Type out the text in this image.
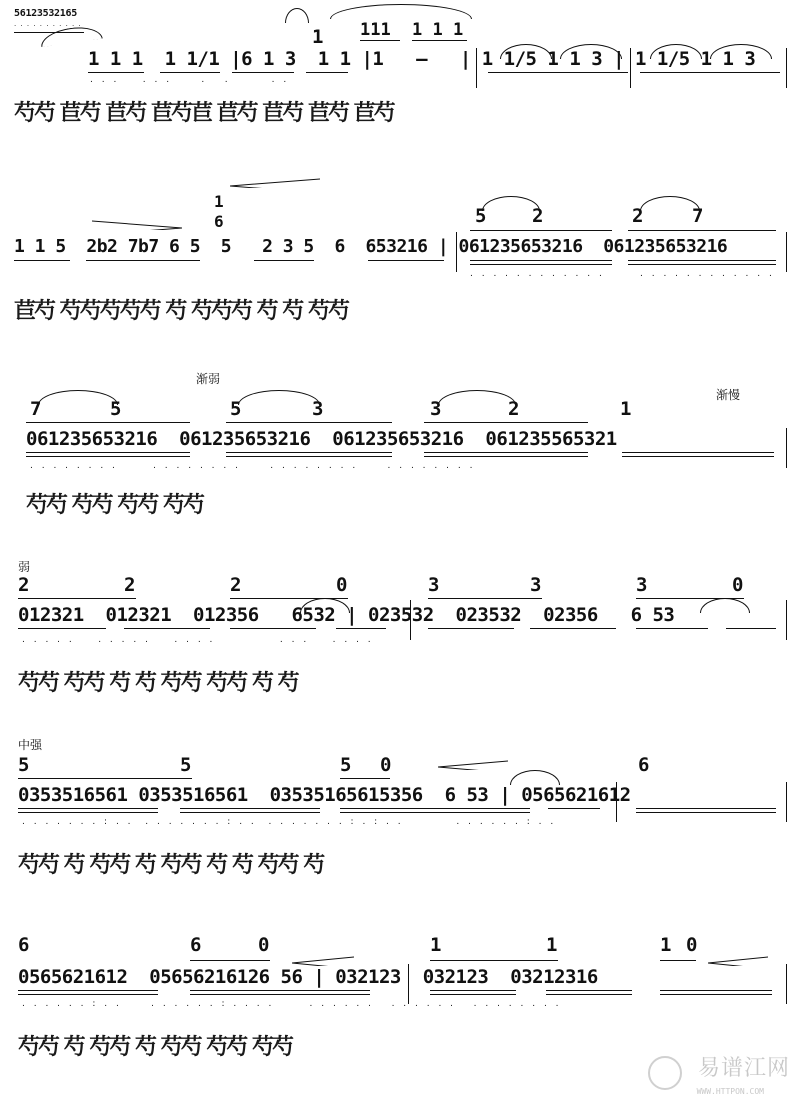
56123532165
. . . . . . . . . . .
1 111 1 1 1
1 1 1  1 1/1 |6 1 3  1 1 |1   —   | 1 1/5 1 1 3 | 1 1/5 1 1 3
. . .    . . .     .   .       . .
芍芍 苣芍 苣芍 苣芍苣 苣芍 苣芍 苣芍 苣芍
1
6	5 2	2	7
1 1 5  2b2 7b7 6 5  5   2 3 5  6  653216 | 061235653216  061235653216
. . . . . . . . . . . .	. . . . . . . . . . . .
苣芍 芍芍芍芍芍 芍 芍芍芍 芍 芍 芍芍
渐弱
渐慢
7	5	5	3	3	2	1
061235653216  061235653216  061235653216  061235565321
. . . . . . . .      . . . . . . . .     . . . . . . . .     . . . . . . . .
芍芍 芍芍 芍芍 芍芍
弱
2	2	2	0	3	3	3	0
012321  012321  012356   6532 | 023532  023532  02356   6 53
. . . . .    . . . . .    . . . .           . . .    . . . .
芍芍 芍芍 芍 芍 芍芍 芍芍 芍 芍
中强
5	5	5 0	6
0353516561 0353516561  03535165615356  6 53 | 0565621612
. . . . . . . : . .  . . . . . . . : . .  . . . . . . . : . : . .         . . . . . . : . .
芍芍 芍 芍芍 芍 芍芍 芍 芍 芍芍 芍
6	6	0	1	1	1 0
0565621612  05656216126 56 | 032123  032123  03212316
. . . . . . : . .     . . . . . . : . . . .      . . . . . .   . . . . . .   . . . . . . . .
芍芍 芍 芍芍 芍 芍芍 芍芍 芍芍
易谱江网
WWW.HTTPON.COM
